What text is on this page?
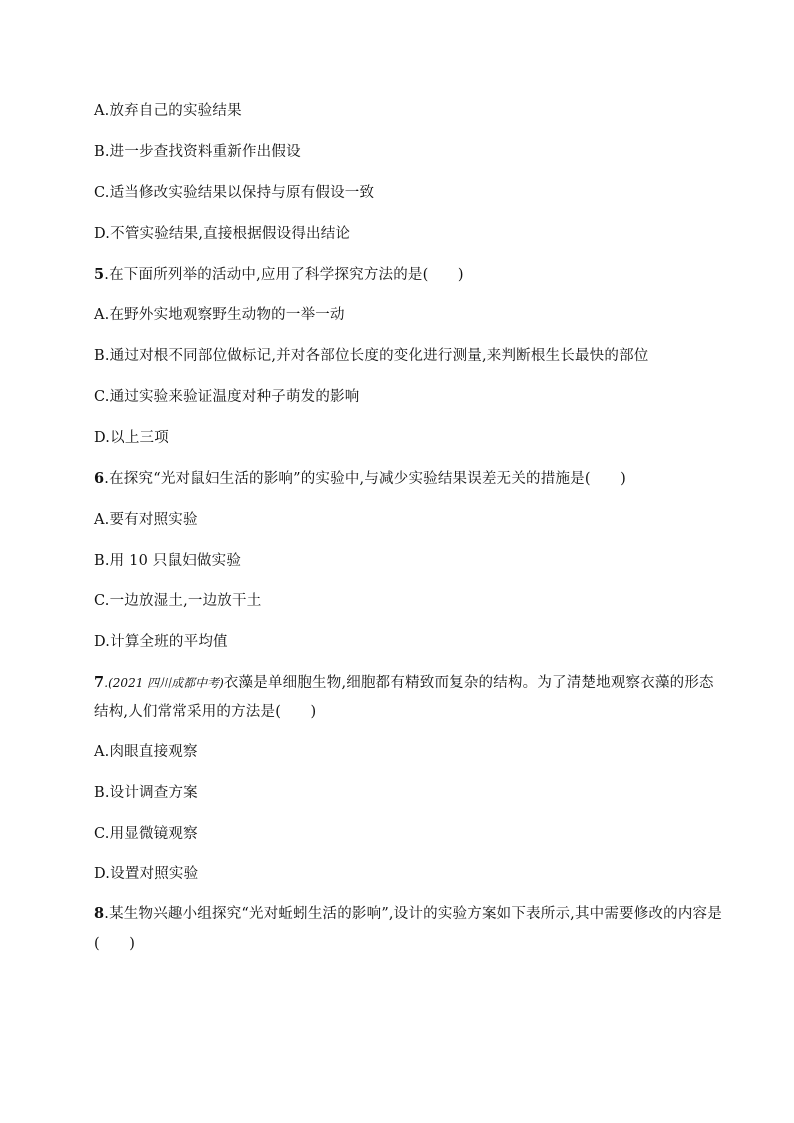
A.放弃自己的实验结果
B.进一步查找资料重新作出假设
C.适当修改实验结果以保持与原有假设一致
D.不管实验结果,直接根据假设得出结论
5.在下面所列举的活动中,应用了科学探究方法的是(　　)
A.在野外实地观察野生动物的一举一动
B.通过对根不同部位做标记,并对各部位长度的变化进行测量,来判断根生长最快的部位
C.通过实验来验证温度对种子萌发的影响
D.以上三项
6.在探究“光对鼠妇生活的影响”的实验中,与减少实验结果误差无关的措施是(　　)
A.要有对照实验
B.用 10 只鼠妇做实验
C.一边放湿土,一边放干土
D.计算全班的平均值
7.(2021 四川成都中考)衣藻是单细胞生物,细胞都有精致而复杂的结构。为了清楚地观察衣藻的形态
结构,人们常常采用的方法是(　　)
A.肉眼直接观察
B.设计调查方案
C.用显微镜观察
D.设置对照实验
8.某生物兴趣小组探究“光对蚯蚓生活的影响”,设计的实验方案如下表所示,其中需要修改的内容是
(　　)
